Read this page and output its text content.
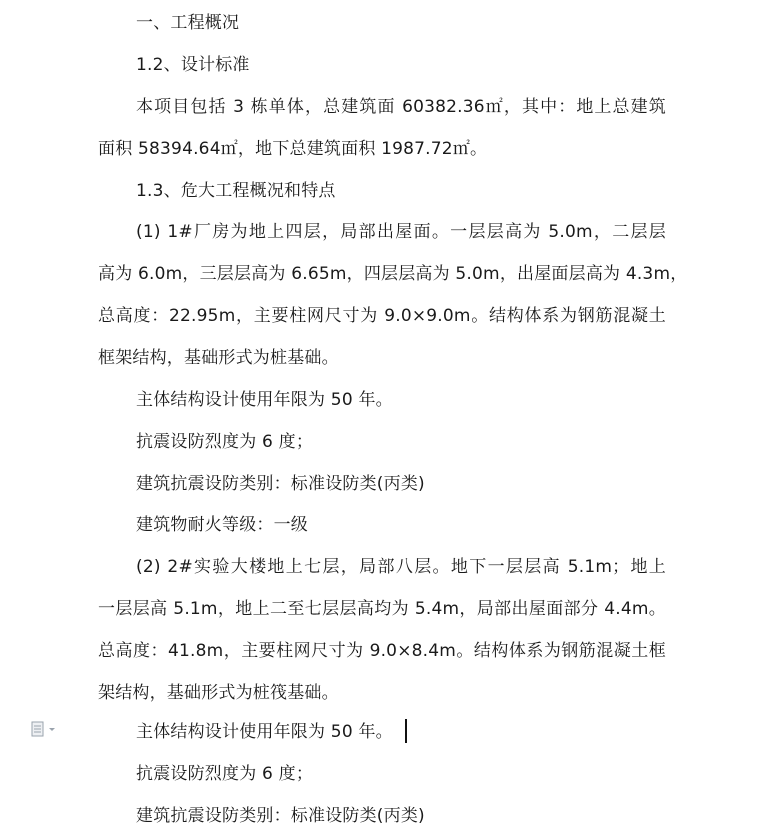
一、工程概况
1.2、设计标准
本项目包括 3 栋单体，总建筑面 60382.36㎡，其中：地上总建筑
面积 58394.64㎡，地下总建筑面积 1987.72㎡。
1.3、危大工程概况和特点
(1) 1#厂房为地上四层，局部出屋面。一层层高为 5.0m，二层层
高为 6.0m，三层层高为 6.65m，四层层高为 5.0m，出屋面层高为 4.3m，
总高度：22.95m，主要柱网尺寸为 9.0×9.0m。结构体系为钢筋混凝土
框架结构，基础形式为桩基础。
主体结构设计使用年限为 50 年。
抗震设防烈度为 6 度；
建筑抗震设防类别：标准设防类(丙类)
建筑物耐火等级：一级
(2) 2#实验大楼地上七层，局部八层。地下一层层高 5.1m；地上
一层层高 5.1m，地上二至七层层高均为 5.4m，局部出屋面部分 4.4m。
总高度：41.8m，主要柱网尺寸为 9.0×8.4m。结构体系为钢筋混凝土框
架结构，基础形式为桩筏基础。
主体结构设计使用年限为 50 年。
抗震设防烈度为 6 度；
建筑抗震设防类别：标准设防类(丙类)
